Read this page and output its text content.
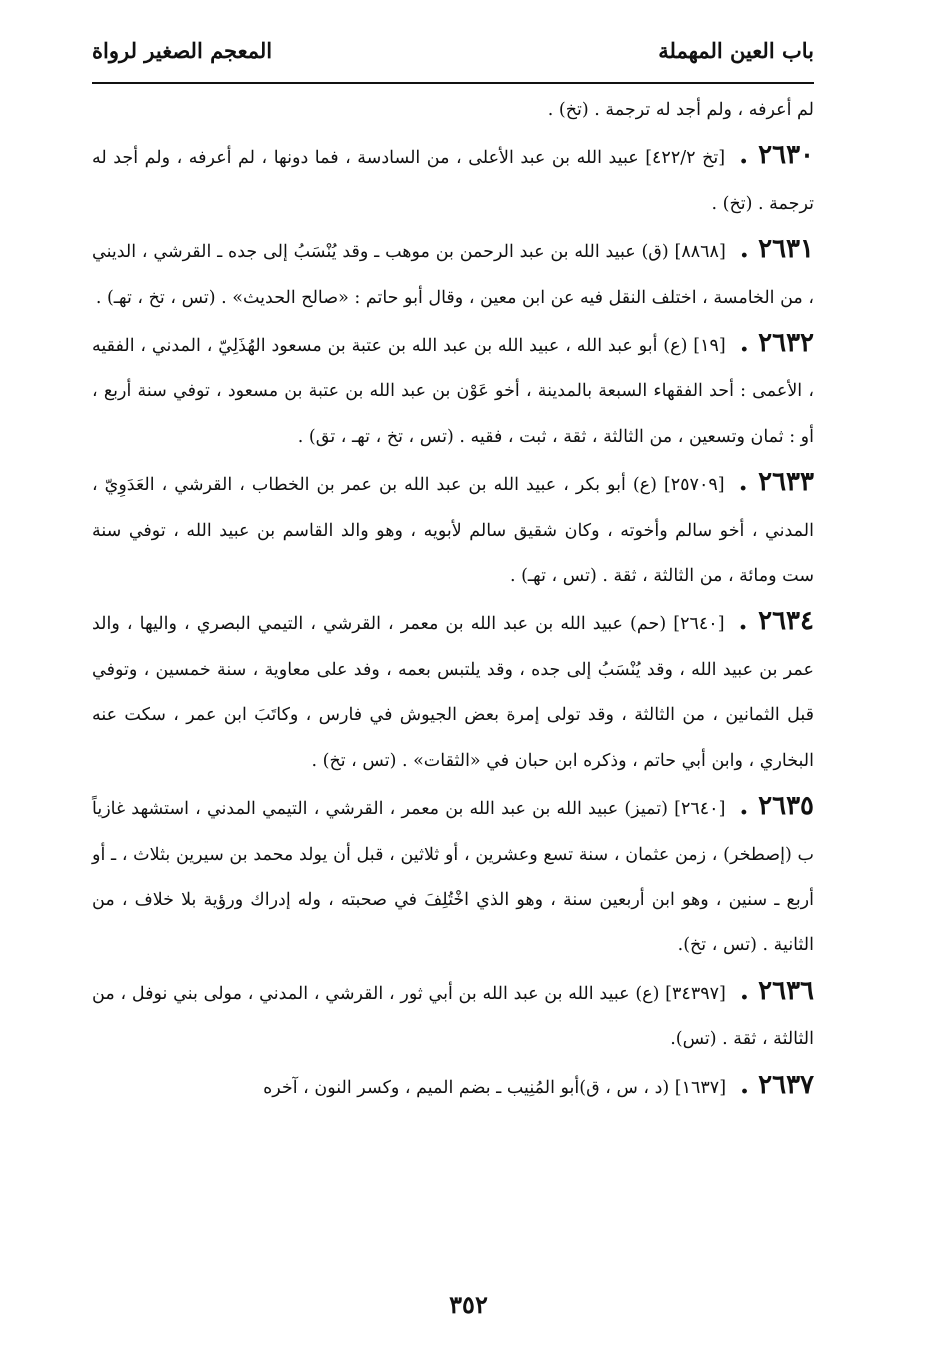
باب العين المهملة
المعجم الصغير لرواة

لم أعرفه ، ولم أجد له ترجمة . (تخ) .

٢٦٣٠ .[تخ ٤٢٢/٢] عبيد الله بن عبد الأعلى ، من السادسة ، فما دونها ، لم أعرفه ، ولم أجد له ترجمة . (تخ) .

٢٦٣١ .[٨٨٦٨] (ق) عبيد الله بن عبد الرحمن بن موهب ـ وقد يُنْسَبُ إلى جده ـ القرشي ، الديني ، من الخامسة ، اختلف النقل فيه عن ابن معين ، وقال أبو حاتم : «صالح الحديث» . (تس ، تخ ، تهـ) .

٢٦٣٢ .[١٩] (ع) أبو عبد الله ، عبيد الله بن عبد الله بن عتبة بن مسعود الهُذَلِيّ ، المدني ، الفقيه ، الأعمى : أحد الفقهاء السبعة بالمدينة ، أخو عَوْن بن عبد الله بن عتبة بن مسعود ، توفي سنة أربع ، أو : ثمان وتسعين ، من الثالثة ، ثقة ، ثبت ، فقيه . (تس ، تخ ، تهـ ، تق) .

٢٦٣٣ .[٢٥٧٠٩] (ع) أبو بكر ، عبيد الله بن عبد الله بن عمر بن الخطاب ، القرشي ، العَدَوِيّ ، المدني ، أخو سالم وأخوته ، وكان شقيق سالم لأبويه ، وهو والد القاسم بن عبيد الله ، توفي سنة ست ومائة ، من الثالثة ، ثقة . (تس ، تهـ) .

٢٦٣٤ .[٢٦٤٠] (حم) عبيد الله بن عبد الله بن معمر ، القرشي ، التيمي البصري ، واليها ، والد عمر بن عبيد الله ، وقد يُنْسَبُ إلى جده ، وقد يلتبس بعمه ، وفد على معاوية ، سنة خمسين ، وتوفي قبل الثمانين ، من الثالثة ، وقد تولى إمرة بعض الجيوش في فارس ، وكاتَبَ ابن عمر ، سكت عنه البخاري ، وابن أبي حاتم ، وذكره ابن حبان في «الثقات» . (تس ، تخ) .

٢٦٣٥ .[٢٦٤٠] (تميز) عبيد الله بن عبد الله بن معمر ، القرشي ، التيمي المدني ، استشهد غازياً ب (إصطخر) ، زمن عثمان ، سنة تسع وعشرين ، أو ثلاثين ، قبل أن يولد محمد بن سيرين بثلاث ، ـ أو أربع ـ سنين ، وهو ابن أربعين سنة ، وهو الذي اخْتُلِفَ في صحبته ، وله إدراك ورؤية بلا خلاف ، من الثانية . (تس ، تخ).

٢٦٣٦ .[٣٤٣٩٧] (ع) عبيد الله بن عبد الله بن أبي ثور ، القرشي ، المدني ، مولى بني نوفل ، من الثالثة ، ثقة . (تس).

٢٦٣٧ .[١٦٣٧] (د ، س ، ق)أبو المُنِيب ـ بضم الميم ، وكسر النون ، آخره

٣٥٢
